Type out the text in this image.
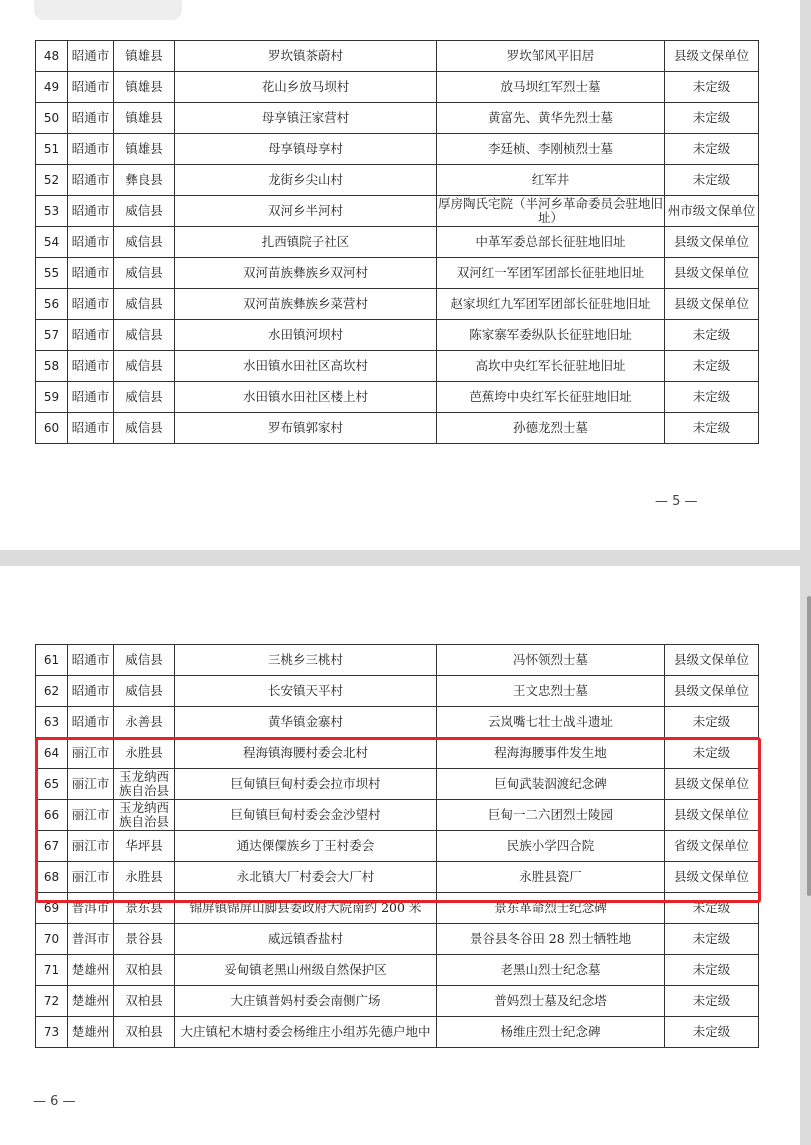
48	昭通市	镇雄县	罗坎镇茶蔚村	罗坎邹风平旧居	县级文保单位
49	昭通市	镇雄县	花山乡放马坝村	放马坝红军烈士墓	未定级
50	昭通市	镇雄县	母享镇汪家营村	黄富先、黄华先烈士墓	未定级
51	昭通市	镇雄县	母享镇母享村	李廷桢、李刚桢烈士墓	未定级
52	昭通市	彝良县	龙街乡尖山村	红军井	未定级
53	昭通市	威信县	双河乡半河村	厚房陶氏宅院（半河乡革命委员会驻地旧址）	州市级文保单位
54	昭通市	威信县	扎西镇院子社区	中革军委总部长征驻地旧址	县级文保单位
55	昭通市	威信县	双河苗族彝族乡双河村	双河红一军团军团部长征驻地旧址	县级文保单位
56	昭通市	威信县	双河苗族彝族乡菜营村	赵家坝红九军团军团部长征驻地旧址	县级文保单位
57	昭通市	威信县	水田镇河坝村	陈家寨军委纵队长征驻地旧址	未定级
58	昭通市	威信县	水田镇水田社区高坎村	高坎中央红军长征驻地旧址	未定级
59	昭通市	威信县	水田镇水田社区楼上村	芭蕉垮中央红军长征驻地旧址	未定级
60	昭通市	威信县	罗布镇郭家村	孙德龙烈士墓	未定级
— 5 —
61	昭通市	威信县	三桃乡三桃村	冯怀领烈士墓	县级文保单位
62	昭通市	威信县	长安镇天平村	王文忠烈士墓	县级文保单位
63	昭通市	永善县	黄华镇金寨村	云岚嘴七壮士战斗遗址	未定级
64	丽江市	永胜县	程海镇海腰村委会北村	程海海腰事件发生地	未定级
65	丽江市	玉龙纳西族自治县	巨甸镇巨甸村委会拉市坝村	巨甸武装泅渡纪念碑	县级文保单位
66	丽江市	玉龙纳西族自治县	巨甸镇巨甸村委会金沙望村	巨甸一二六团烈士陵园	县级文保单位
67	丽江市	华坪县	通达傈僳族乡丁王村委会	民族小学四合院	省级文保单位
68	丽江市	永胜县	永北镇大厂村委会大厂村	永胜县瓷厂	县级文保单位
69	普洱市	景东县	锦屏镇锦屏山脚县委政府大院南约 200 米	景东革命烈士纪念碑	未定级
70	普洱市	景谷县	威远镇香盐村	景谷县冬谷田 28 烈士牺牲地	未定级
71	楚雄州	双柏县	妥甸镇老黑山州级自然保护区	老黑山烈士纪念墓	未定级
72	楚雄州	双柏县	大庄镇普妈村委会南侧广场	普妈烈士墓及纪念塔	未定级
73	楚雄州	双柏县	大庄镇杞木塘村委会杨维庄小组苏先德户地中	杨维庄烈士纪念碑	未定级
— 6 —
